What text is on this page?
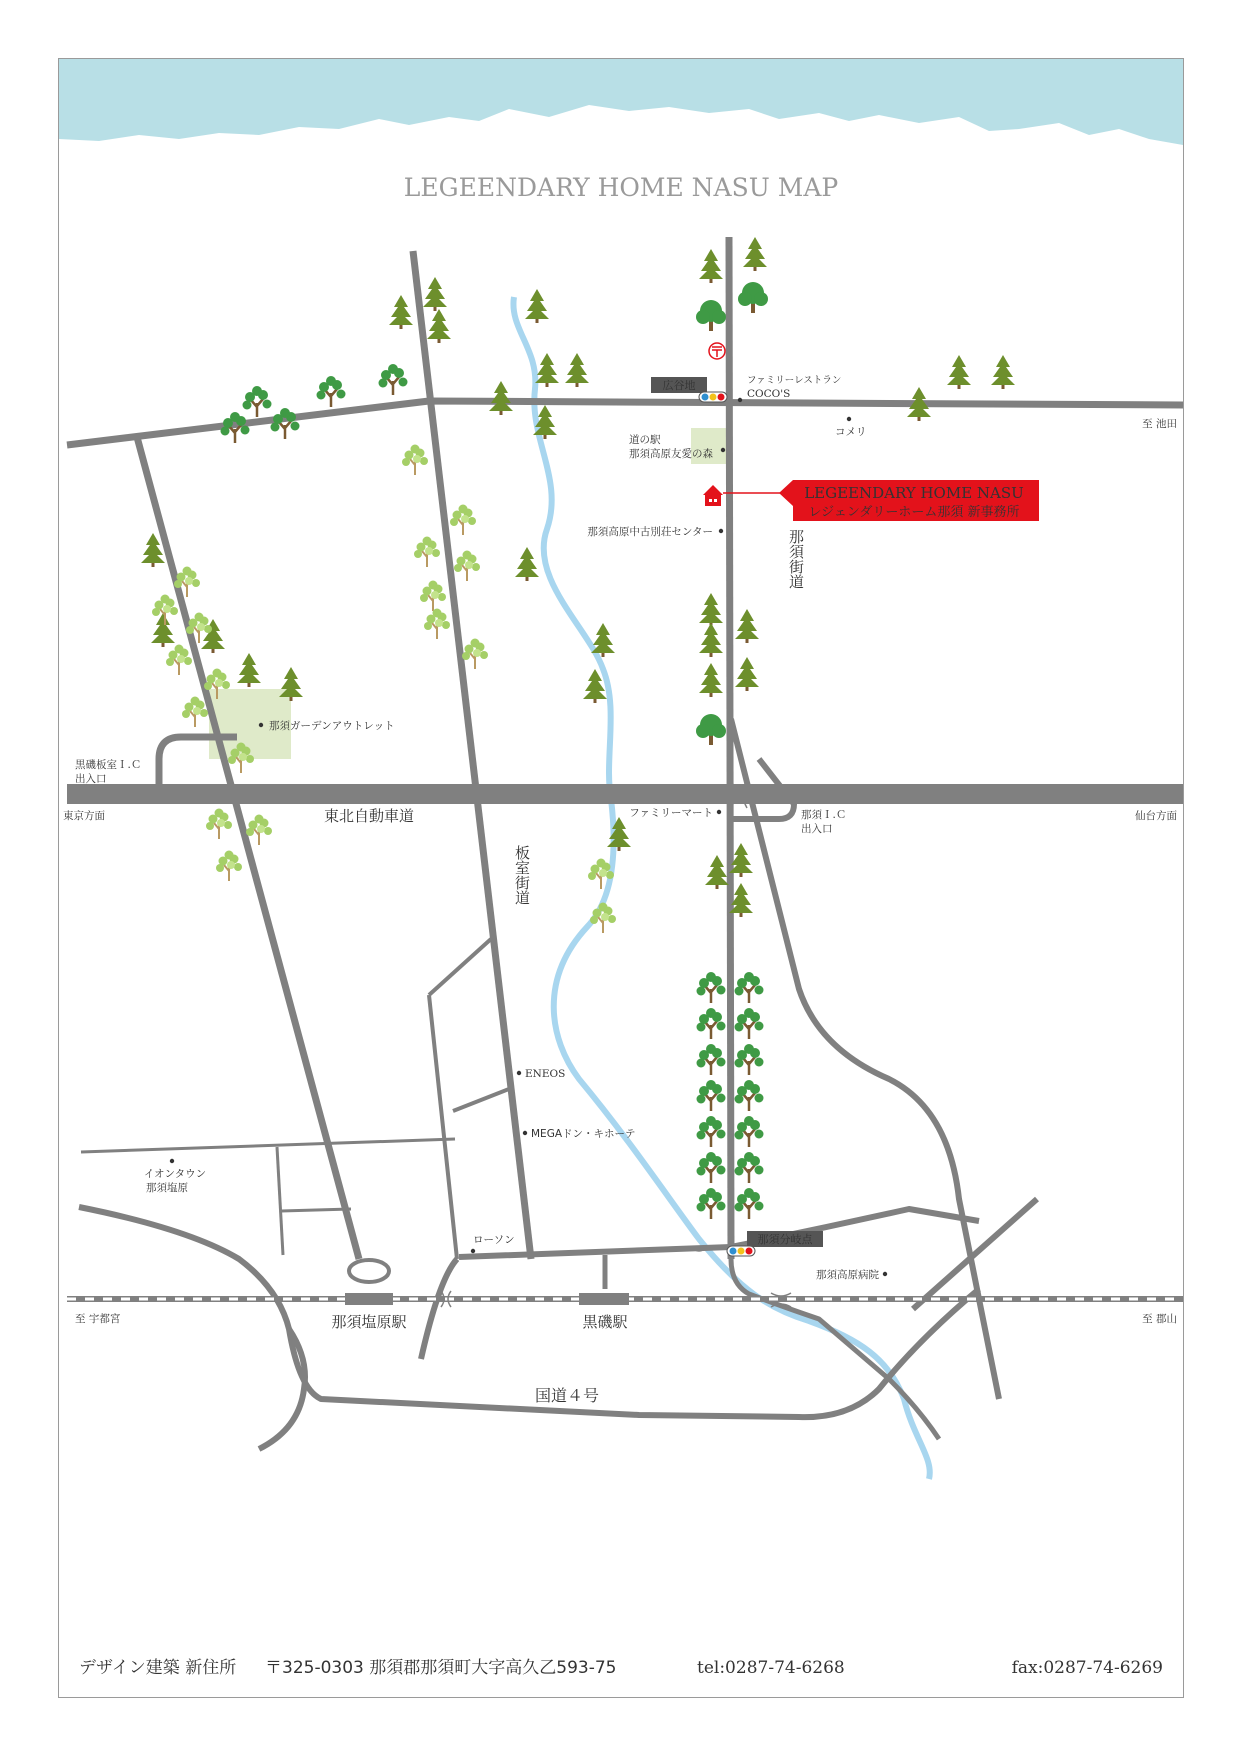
LEGEENDARY HOME NASU MAP
広谷地
那須分岐点
LEGEENDARY HOME NASU
レジェンダリーホーム那須 新事務所
那須街道
板室街道
東北自動車道
国道４号
黒磯板室Ｉ.Ｃ
出入口
那須Ｉ.Ｃ
出入口
東京方面	仙台方面
至 池田
至 宇都宮	至 郡山
ファミリーレストラン
COCO'S
コメリ
道の駅
那須高原友愛の森
那須高原中古別荘センター
那須ガーデンアウトレット
ファミリーマート
ENEOS
MEGAドン・キホーテ
イオンタウン
那須塩原
ローソン
那須高原病院
那須塩原駅	黒磯駅
デザイン建築 新住所 〒325-0303 那須郡那須町大字高久乙593-75	tel:0287-74-6268	fax:0287-74-6269
